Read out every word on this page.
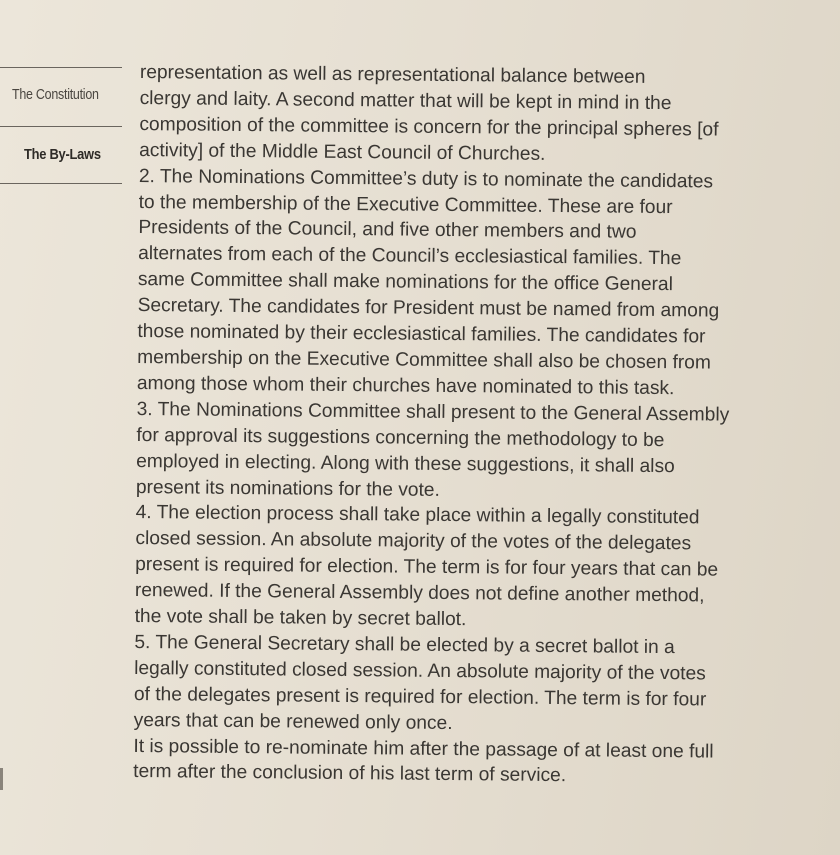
The Constitution
The By-Laws
representation as well as representational balance between
clergy and laity. A second matter that will be kept in mind in the
composition of the committee is concern for the principal spheres [of
activity] of the Middle East Council of Churches.
2. The Nominations Committee’s duty is to nominate the candidates
to the membership of the Executive Committee. These are four
Presidents of the Council, and five other members and two
alternates from each of the Council’s ecclesiastical families. The
same Committee shall make nominations for the office General
Secretary. The candidates for President must be named from among
those nominated by their ecclesiastical families. The candidates for
membership on the Executive Committee shall also be chosen from
among those whom their churches have nominated to this task.
3. The Nominations Committee shall present to the General Assembly
for approval its suggestions concerning the methodology to be
employed in electing. Along with these suggestions, it shall also
present its nominations for the vote.
4. The election process shall take place within a legally constituted
closed session. An absolute majority of the votes of the delegates
present is required for election. The term is for four years that can be
renewed. If the General Assembly does not define another method,
the vote shall be taken by secret ballot.
5. The General Secretary shall be elected by a secret ballot in a
legally constituted closed session. An absolute majority of the votes
of the delegates present is required for election. The term is for four
years that can be renewed only once.
It is possible to re-nominate him after the passage of at least one full
term after the conclusion of his last term of service.
